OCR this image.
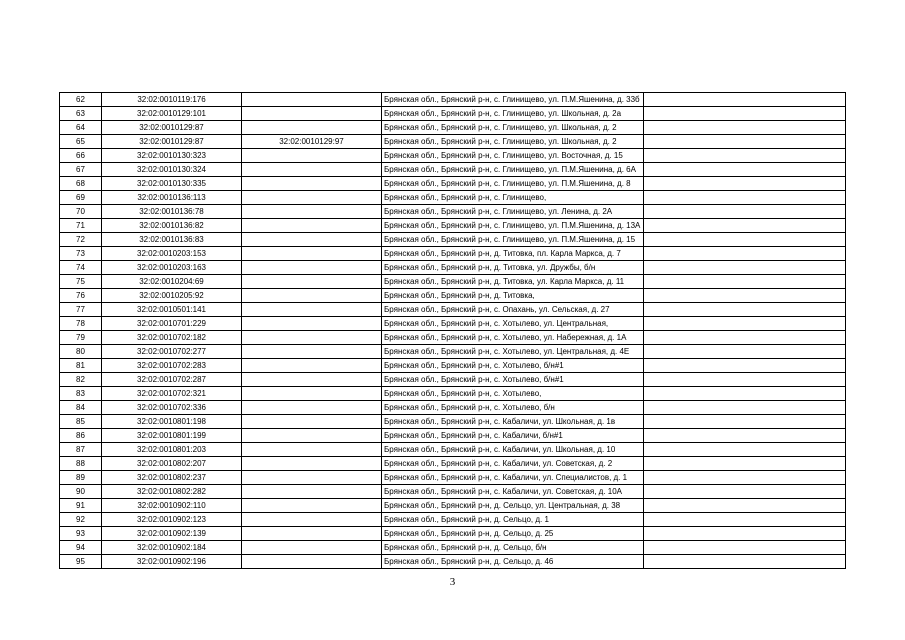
62	32:02:0010119:176		Брянская обл., Брянский р-н, с. Глинищево, ул. П.М.Яшенина, д. 33б	
63	32:02:0010129:101		Брянская обл., Брянский р-н, с. Глинищево, ул. Школьная, д. 2а	
64	32:02:0010129:87		Брянская обл., Брянский р-н, с. Глинищево, ул. Школьная, д. 2	
65	32:02:0010129:87	32:02:0010129:97	Брянская обл., Брянский р-н, с. Глинищево, ул. Школьная, д. 2	
66	32:02:0010130:323		Брянская обл., Брянский р-н, с. Глинищево, ул. Восточная, д. 15	
67	32:02:0010130:324		Брянская обл., Брянский р-н, с. Глинищево, ул. П.М.Яшенина, д. 6А	
68	32:02:0010130:335		Брянская обл., Брянский р-н, с. Глинищево, ул. П.М.Яшенина, д. 8	
69	32:02:0010136:113		Брянская обл., Брянский р-н, с. Глинищево,	
70	32:02:0010136:78		Брянская обл., Брянский р-н, с. Глинищево, ул. Ленина, д. 2А	
71	32:02:0010136:82		Брянская обл., Брянский р-н, с. Глинищево, ул. П.М.Яшенина, д. 13А	
72	32:02:0010136:83		Брянская обл., Брянский р-н, с. Глинищево, ул. П.М.Яшенина, д. 15	
73	32:02:0010203:153		Брянская обл., Брянский р-н, д. Титовка, пл. Карла Маркса, д. 7	
74	32:02:0010203:163		Брянская обл., Брянский р-н, д. Титовка, ул. Дружбы, б/н	
75	32:02:0010204:69		Брянская обл., Брянский р-н, д. Титовка, ул. Карла Маркса, д. 11	
76	32:02:0010205:92		Брянская обл., Брянский р-н, д. Титовка,	
77	32:02:0010501:141		Брянская обл., Брянский р-н, с. Опахань, ул. Сельская, д. 27	
78	32:02:0010701:229		Брянская обл., Брянский р-н, с. Хотылево, ул. Центральная,	
79	32:02:0010702:182		Брянская обл., Брянский р-н, с. Хотылево, ул. Набережная, д. 1А	
80	32:02:0010702:277		Брянская обл., Брянский р-н, с. Хотылево, ул. Центральная, д. 4Е	
81	32:02:0010702:283		Брянская обл., Брянский р-н, с. Хотылево, б/н#1	
82	32:02:0010702:287		Брянская обл., Брянский р-н, с. Хотылево, б/н#1	
83	32:02:0010702:321		Брянская обл., Брянский р-н, с. Хотылево,	
84	32:02:0010702:336		Брянская обл., Брянский р-н, с. Хотылево, б/н	
85	32:02:0010801:198		Брянская обл., Брянский р-н, с. Кабаличи, ул. Школьная, д. 1в	
86	32:02:0010801:199		Брянская обл., Брянский р-н, с. Кабаличи, б/н#1	
87	32:02:0010801:203		Брянская обл., Брянский р-н, с. Кабаличи, ул. Школьная, д. 10	
88	32:02:0010802:207		Брянская обл., Брянский р-н, с. Кабаличи, ул. Советская, д. 2	
89	32:02:0010802:237		Брянская обл., Брянский р-н, с. Кабаличи, ул. Специалистов, д. 1	
90	32:02:0010802:282		Брянская обл., Брянский р-н, с. Кабаличи, ул. Советская, д. 10А	
91	32:02:0010902:110		Брянская обл., Брянский р-н, д. Сельцо, ул. Центральная, д. 38	
92	32:02:0010902:123		Брянская обл., Брянский р-н, д. Сельцо, д. 1	
93	32:02:0010902:139		Брянская обл., Брянский р-н, д. Сельцо, д. 25	
94	32:02:0010902:184		Брянская обл., Брянский р-н, д. Сельцо, б/н	
95	32:02:0010902:196		Брянская обл., Брянский р-н, д. Сельцо, д. 46	
3
